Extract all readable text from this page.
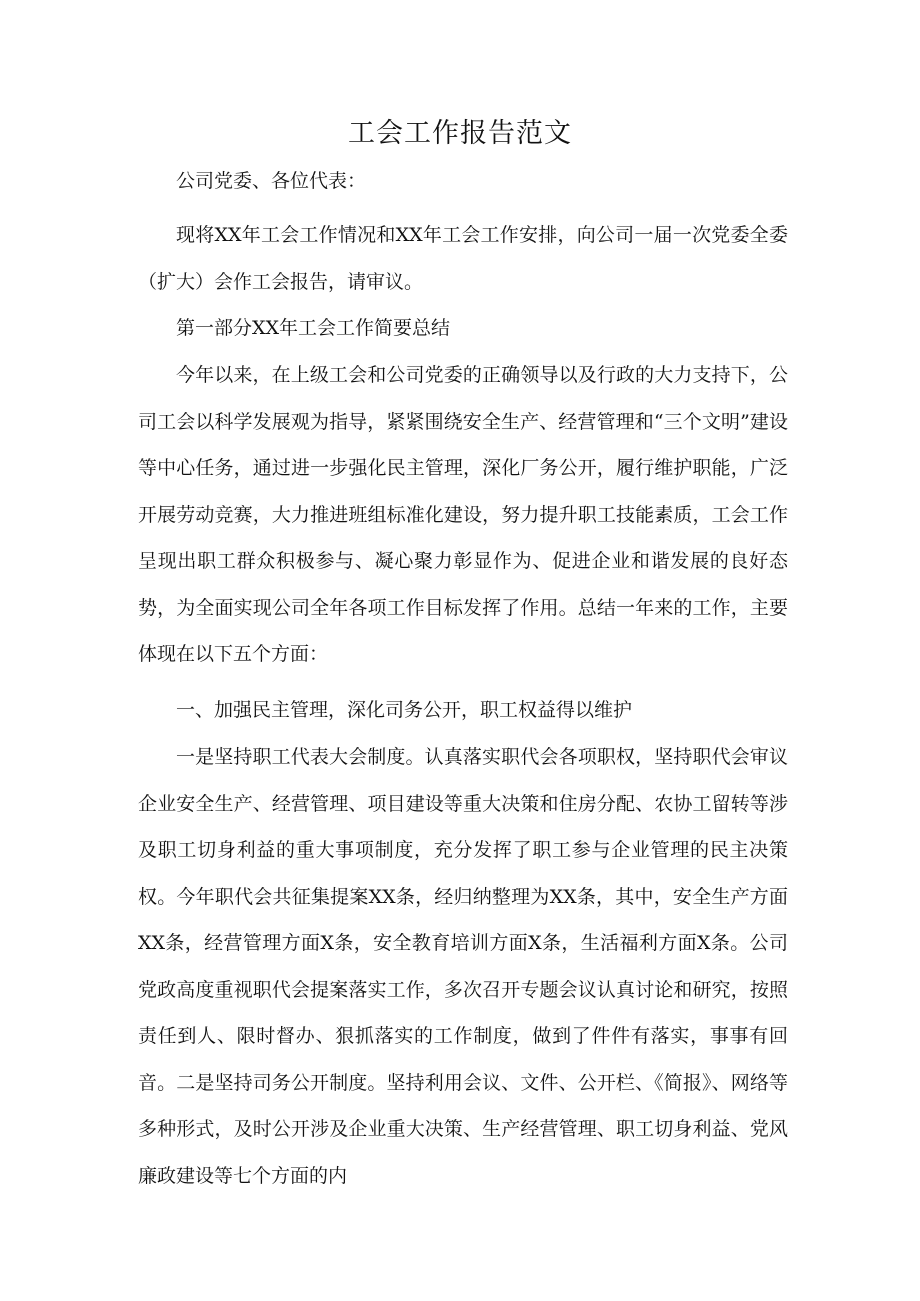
工会工作报告范文
公司党委、各位代表：

现将XX年工会工作情况和XX年工会工作安排，向公司一届一次党委全委（扩大）会作工会报告，请审议。

第一部分XX年工会工作简要总结

今年以来，在上级工会和公司党委的正确领导以及行政的大力支持下，公司工会以科学发展观为指导，紧紧围绕安全生产、经营管理和“三个文明”建设等中心任务，通过进一步强化民主管理，深化厂务公开，履行维护职能，广泛开展劳动竞赛，大力推进班组标准化建设，努力提升职工技能素质，工会工作呈现出职工群众积极参与、凝心聚力彰显作为、促进企业和谐发展的良好态势，为全面实现公司全年各项工作目标发挥了作用。总结一年来的工作，主要体现在以下五个方面：

一、加强民主管理，深化司务公开，职工权益得以维护

一是坚持职工代表大会制度。认真落实职代会各项职权，坚持职代会审议企业安全生产、经营管理、项目建设等重大决策和住房分配、农协工留转等涉及职工切身利益的重大事项制度，充分发挥了职工参与企业管理的民主决策权。今年职代会共征集提案XX条，经归纳整理为XX条，其中，安全生产方面XX条，经营管理方面X条，安全教育培训方面X条，生活福利方面X条。公司党政高度重视职代会提案落实工作，多次召开专题会议认真讨论和研究，按照责任到人、限时督办、狠抓落实的工作制度，做到了件件有落实，事事有回音。二是坚持司务公开制度。坚持利用会议、文件、公开栏、《简报》、网络等多种形式，及时公开涉及企业重大决策、生产经营管理、职工切身利益、党风廉政建设等七个方面的内
